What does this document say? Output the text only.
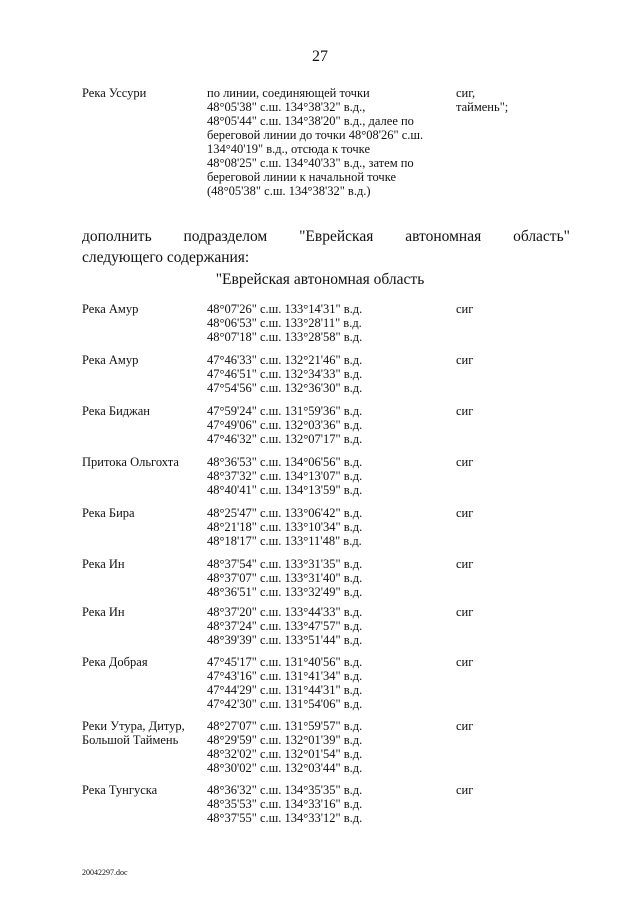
27
Река Уссури	по линии, соединяющей точки
48°05'38" с.ш. 134°38'32" в.д.,
48°05'44" с.ш. 134°38'20" в.д., далее по
береговой линии до точки 48°08'26" с.ш.
134°40'19" в.д., отсюда к точке
48°08'25" с.ш. 134°40'33" в.д., затем по
береговой линии к начальной точке
(48°05'38" с.ш. 134°38'32" в.д.)
сиг,
таймень";
дополнить подразделом "Еврейская автономная область"
следующего содержания:
"Еврейская автономная область
Река Амур	48°07'26" с.ш. 133°14'31" в.д.
48°06'53" с.ш. 133°28'11" в.д.
48°07'18" с.ш. 133°28'58" в.д.
сиг
Река Амур	47°46'33" с.ш. 132°21'46" в.д.
47°46'51" с.ш. 132°34'33" в.д.
47°54'56" с.ш. 132°36'30" в.д.
сиг
Река Биджан	47°59'24" с.ш. 131°59'36" в.д.
47°49'06" с.ш. 132°03'36" в.д.
47°46'32" с.ш. 132°07'17" в.д.
сиг
Притока Ольгохта	48°36'53" с.ш. 134°06'56" в.д.
48°37'32" с.ш. 134°13'07" в.д.
48°40'41" с.ш. 134°13'59" в.д.
сиг
Река Бира	48°25'47" с.ш. 133°06'42" в.д.
48°21'18" с.ш. 133°10'34" в.д.
48°18'17" с.ш. 133°11'48" в.д.
сиг
Река Ин	48°37'54" с.ш. 133°31'35" в.д.
48°37'07" с.ш. 133°31'40" в.д.
48°36'51" с.ш. 133°32'49" в.д.
сиг
Река Ин	48°37'20" с.ш. 133°44'33" в.д.
48°37'24" с.ш. 133°47'57" в.д.
48°39'39" с.ш. 133°51'44" в.д.
сиг
Река Добрая	47°45'17" с.ш. 131°40'56" в.д.
47°43'16" с.ш. 131°41'34" в.д.
47°44'29" с.ш. 131°44'31" в.д.
47°42'30" с.ш. 131°54'06" в.д.
сиг
Реки Утура, Дитур,
Большой Таймень
48°27'07" с.ш. 131°59'57" в.д.
48°29'59" с.ш. 132°01'39" в.д.
48°32'02" с.ш. 132°01'54" в.д.
48°30'02" с.ш. 132°03'44" в.д.
сиг
Река Тунгуска	48°36'32" с.ш. 134°35'35" в.д.
48°35'53" с.ш. 134°33'16" в.д.
48°37'55" с.ш. 134°33'12" в.д.
сиг
20042297.doc
